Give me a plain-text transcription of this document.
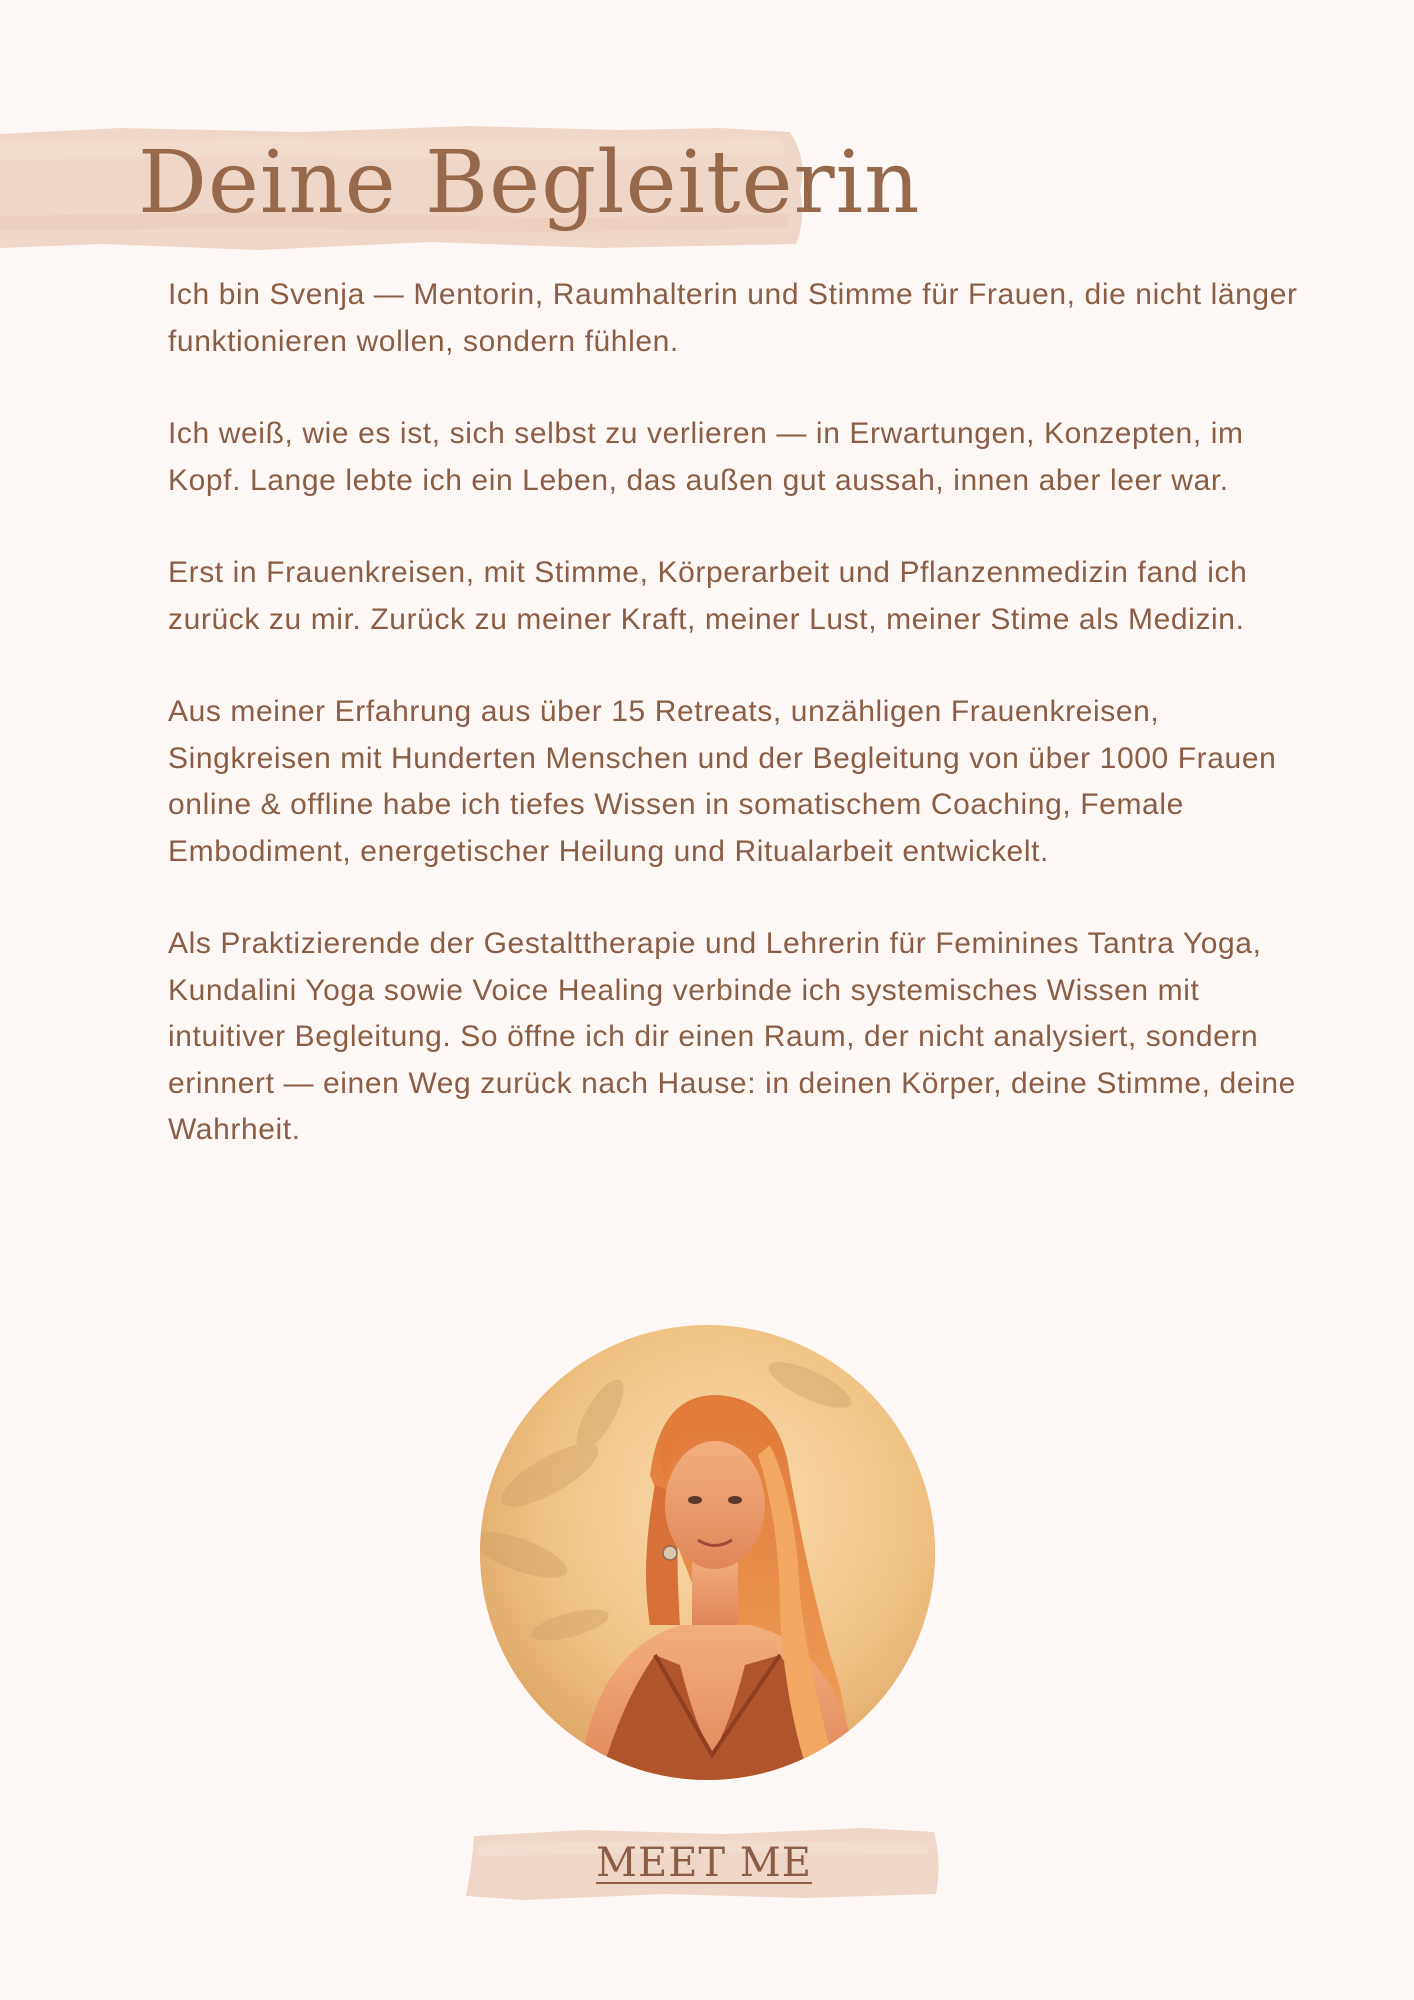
Deine Begleiterin

Ich bin Svenja — Mentorin, Raumhalterin und Stimme für Frauen, die nicht länger funktionieren wollen, sondern fühlen.

Ich weiß, wie es ist, sich selbst zu verlieren — in Erwartungen, Konzepten, im Kopf. Lange lebte ich ein Leben, das außen gut aussah, innen aber leer war.

Erst in Frauenkreisen, mit Stimme, Körperarbeit und Pflanzenmedizin fand ich zurück zu mir. Zurück zu meiner Kraft, meiner Lust, meiner Stime als Medizin.

Aus meiner Erfahrung aus über 15 Retreats, unzähligen Frauenkreisen, Singkreisen mit Hunderten Menschen und der Begleitung von über 1000 Frauen online & offline habe ich tiefes Wissen in somatischem Coaching, Female Embodiment, energetischer Heilung und Ritualarbeit entwickelt.

Als Praktizierende der Gestalttherapie und Lehrerin für Feminines Tantra Yoga, Kundalini Yoga sowie Voice Healing verbinde ich systemisches Wissen mit intuitiver Begleitung. So öffne ich dir einen Raum, der nicht analysiert, sondern erinnert — einen Weg zurück nach Hause: in deinen Körper, deine Stimme, deine Wahrheit.

MEET ME
